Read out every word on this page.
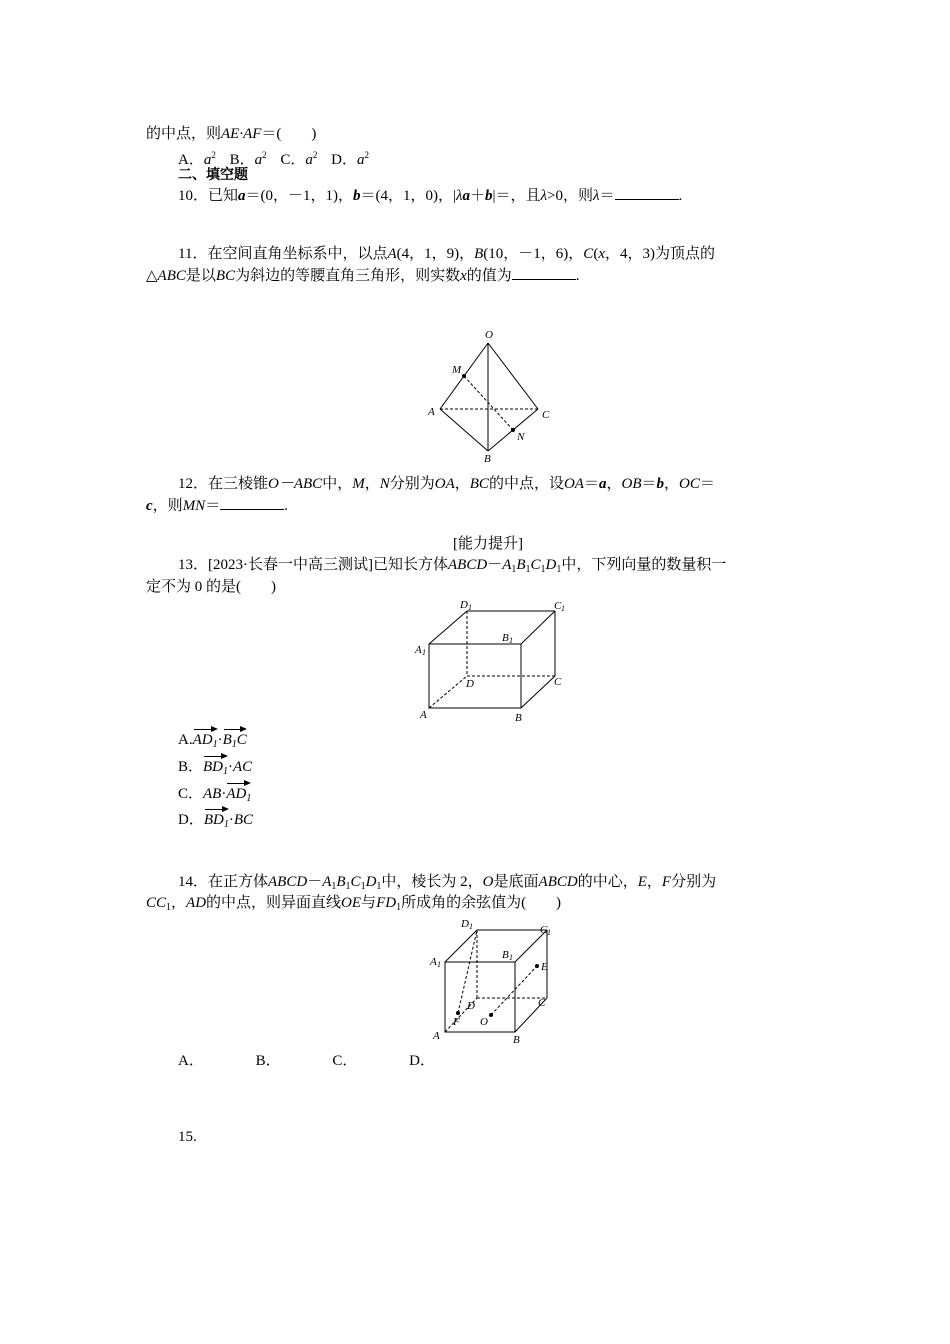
的中点，则AE·AF＝(　　)
A．$a^2$ B．$a^2$ C．$a^2$ D．$a^2$
二、填空题
10．已知a＝(0，－1，1)，b＝(4，1，0)，|λa＋b|＝，且λ>0，则λ＝	.
11．在空间直角坐标系中，以点A(4，1，9)，B(10，－1，6)，C(x，4，3)为顶点的
△ABC是以BC为斜边的等腰直角三角形，则实数x的值为	.
O
M
A	C
N
B
12．在三棱锥O－ABC中，M，N分别为OA，BC的中点，设OA＝a，OB＝b，OC＝
c，则MN＝	.
[能力提升]
13．[2023·长春一中高三测试]已知长方体$ABCD-A_1B_1C_1D_1$中，下列向量的数量积一
定不为 0 的是(　　)
D 1	C 1
B 1
A 1
D	C
A	B
$A.AD_1\cdot B_1C$
B．$BD_1\cdot AC$
C．$AB\cdot AD_1$
D．$BD_1\cdot BC$
14．在正方体$ABCD-A_1B_1C_1D_1$中，棱长为 2，O是底面ABCD的中心，E，F分别为
$CC_1$，AD的中点，则异面直线OE与$FD_1$所成角的余弦值为(　　)
D 1	C 1
B 1
A 1	E
D	C
F O
A	B
A．	B．	C．	D．
15.
